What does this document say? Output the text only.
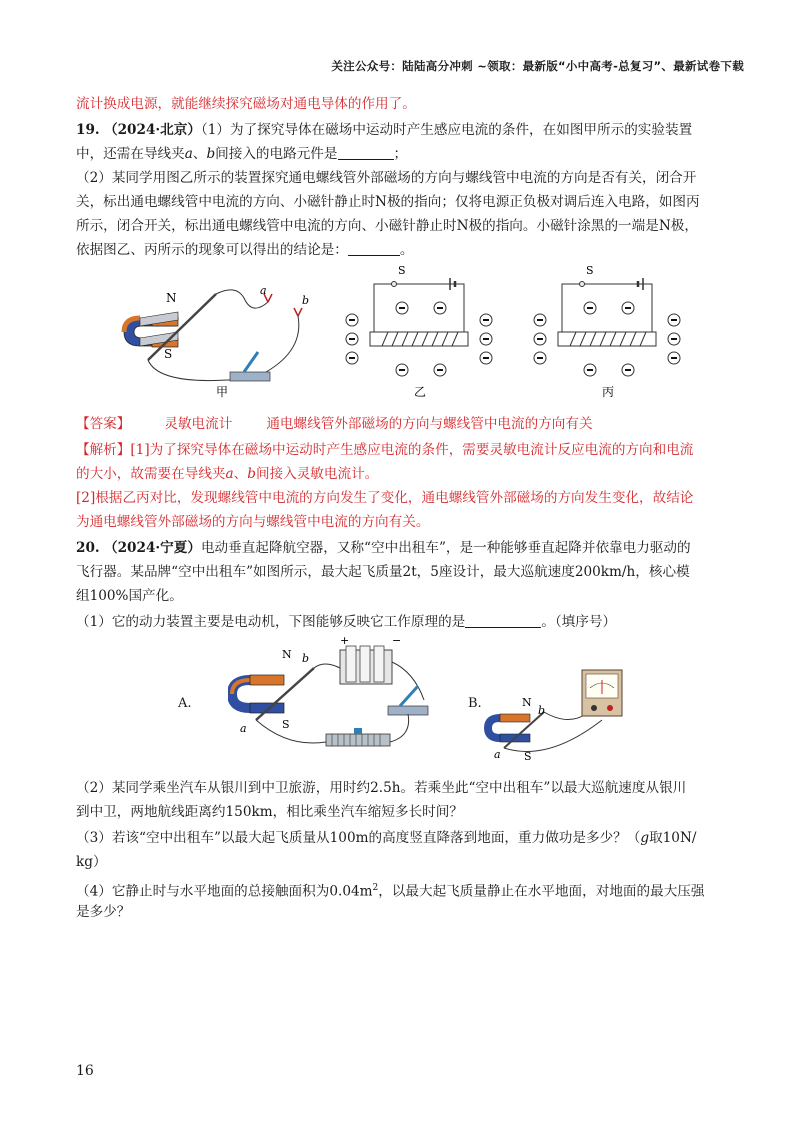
关注公众号：陆陆高分冲刺 ~领取：最新版“小中高考-总复习”、最新试卷下载
流计换成电源，就能继续探究磁场对通电导体的作用了。
19. （2024·北京）（1）为了探究导体在磁场中运动时产生感应电流的条件，在如图甲所示的实验装置
中，还需在导线夹a、b间接入的电路元件是	；
（2）某同学用图乙所示的装置探究通电螺线管外部磁场的方向与螺线管中电流的方向是否有关，闭合开
关，标出通电螺线管中电流的方向、小磁针静止时N极的指向；仅将电源正负极对调后连入电路，如图丙
所示，闭合开关，标出通电螺线管中电流的方向、小磁针静止时N极的指向。小磁针涂黑的一端是N极，
依据图乙、丙所示的现象可以得出的结论是：	。
N
S
a
b
甲
S
乙
S
丙
【答案】	灵敏电流计	通电螺线管外部磁场的方向与螺线管中电流的方向有关
【解析】[1]为了探究导体在磁场中运动时产生感应电流的条件，需要灵敏电流计反应电流的方向和电流
的大小，故需要在导线夹a、b间接入灵敏电流计。
[2]根据乙丙对比，发现螺线管中电流的方向发生了变化，通电螺线管外部磁场的方向发生变化，故结论
为通电螺线管外部磁场的方向与螺线管中电流的方向有关。
20. （2024·宁夏）电动垂直起降航空器，又称“空中出租车”，是一种能够垂直起降并依靠电力驱动的
飞行器。某品牌“空中出租车”如图所示，最大起飞质量2t，5座设计，最大巡航速度200km/h，核心模
组100%国产化。
（1）它的动力装置主要是电动机，下图能够反映它工作原理的是	。（填序号）
A.
+	−
N b
S
a
B.	N
b
S
a
（2）某同学乘坐汽车从银川到中卫旅游，用时约2.5h。若乘坐此“空中出租车”以最大巡航速度从银川
到中卫，两地航线距离约150km，相比乘坐汽车缩短多长时间？
（3）若该“空中出租车”以最大起飞质量从100m的高度竖直降落到地面，重力做功是多少？（g取10N/
kg）
（4）它静止时与水平地面的总接触面积为$0.04m^2$，以最大起飞质量静止在水平地面，对地面的最大压强
是多少？
16
